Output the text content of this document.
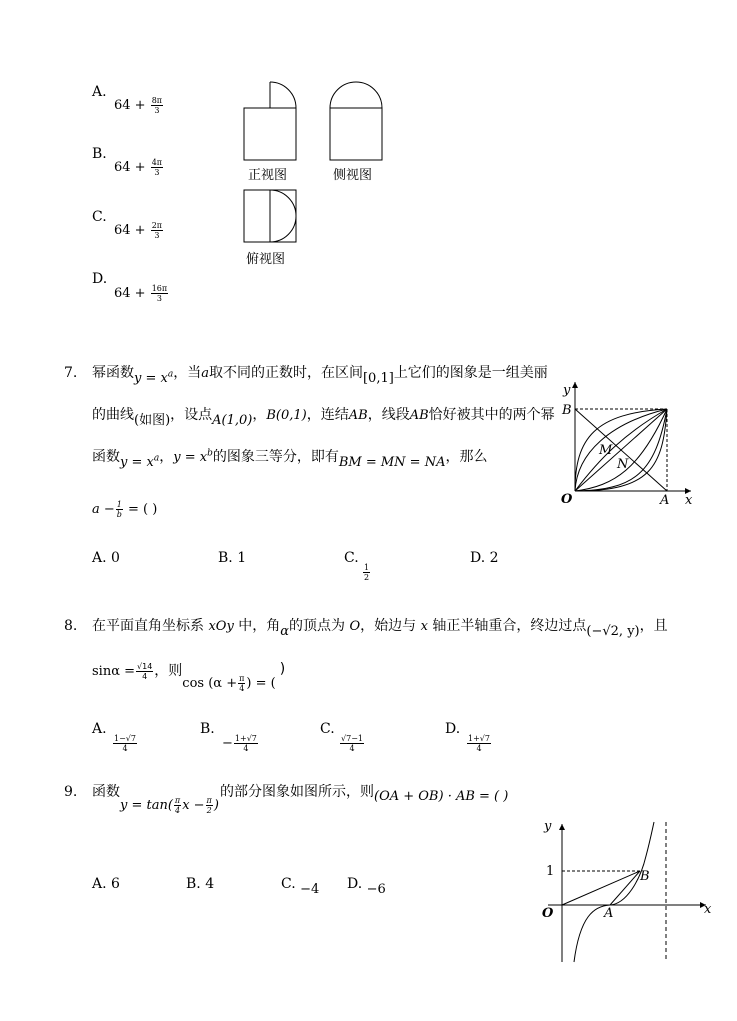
A.
$64 + \frac{8\pi}{3}$
B.
$64 + \frac{4\pi}{3}$
C.
$64 + \frac{2\pi}{3}$
D.
$64 + \frac{16\pi}{3}$
正视图	侧视图
俯视图
7. 幂函数$y = x^a$，当a取不同的正数时，在区间[0,1]上它们的图象是一组美丽
的曲线(如图)，设点A(1,0)，B(0,1)，连结AB，线段AB恰好被其中的两个幂
函数$y = x^a$，$y = x^b$的图象三等分，即有BM = MN = NA，那么
$a - \frac{1}{b}$ = ( )
A. 0	B. 1	C.
$\frac{1}{2}$
D. 2
y
x
O	A
B
M
N
8. 在平面直角坐标系 xOy 中，角α的顶点为 O，始边与 x 轴正半轴重合，终边过点(−√2, y)，且
$\sin\alpha = \frac{√14}{4}$ ，则$\cos (\alpha + \frac{\pi}{4}$ ) = ()
A.
$\frac{1-√7}{4}$
B.
− $\frac{1+√7}{4}$
C.
$\frac{√7-1}{4}$
D.
$\frac{1+√7}{4}$
9. 函数
$y = \tan( \frac{\pi}{4}$ $x - \frac{\pi}{2}$ )
的部分图象如图所示，则(OA + OB) · AB = ( )
A. 6	B. 4	C. −4 D. −6
y
x
O	A
B
1
